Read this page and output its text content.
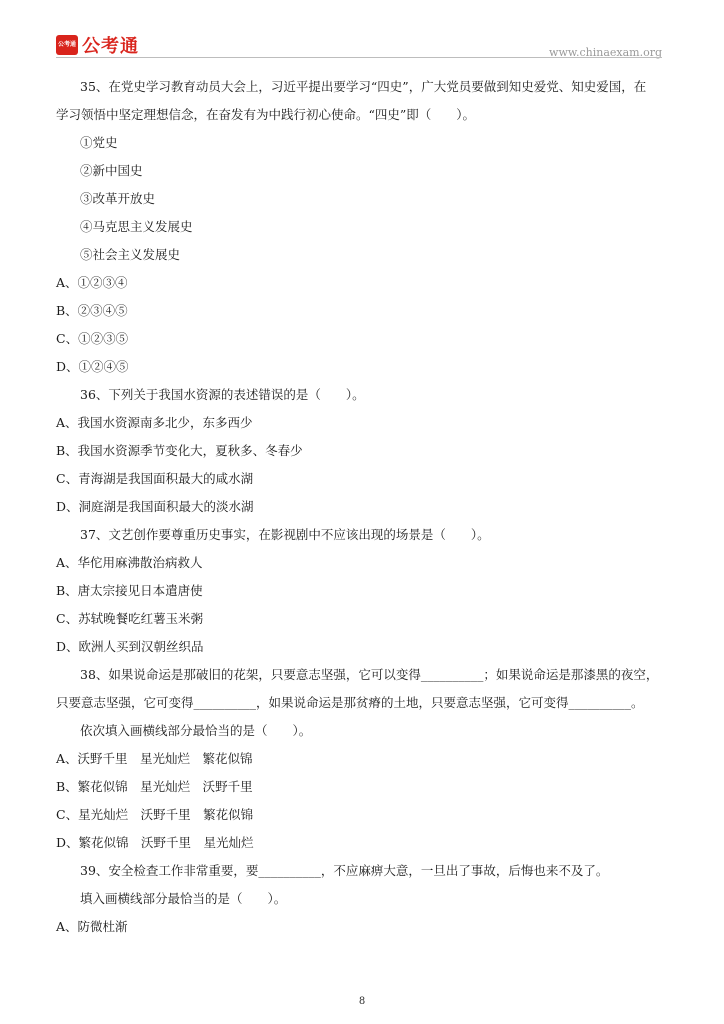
公考通 公考通	www.chinaexam.org

35、在党史学习教育动员大会上，习近平提出要学习“四史”，广大党员要做到知史爱党、知史爱国，在

学习领悟中坚定理想信念，在奋发有为中践行初心使命。“四史”即（　　）。

①党史

②新中国史

③改革开放史

④马克思主义发展史

⑤社会主义发展史

A、①②③④

B、②③④⑤

C、①②③⑤

D、①②④⑤

36、下列关于我国水资源的表述错误的是（　　）。

A、我国水资源南多北少，东多西少

B、我国水资源季节变化大，夏秋多、冬春少

C、青海湖是我国面积最大的咸水湖

D、洞庭湖是我国面积最大的淡水湖

37、文艺创作要尊重历史事实，在影视剧中不应该出现的场景是（　　）。

A、华佗用麻沸散治病救人

B、唐太宗接见日本遣唐使

C、苏轼晚餐吃红薯玉米粥

D、欧洲人买到汉朝丝织品

38、如果说命运是那破旧的花架，只要意志坚强，它可以变得__________；如果说命运是那漆黑的夜空，

只要意志坚强，它可变得__________，如果说命运是那贫瘠的土地，只要意志坚强，它可变得__________。

依次填入画横线部分最恰当的是（　　）。

A、沃野千里　星光灿烂　繁花似锦

B、繁花似锦　星光灿烂　沃野千里

C、星光灿烂　沃野千里　繁花似锦

D、繁花似锦　沃野千里　星光灿烂

39、安全检查工作非常重要，要__________，不应麻痹大意，一旦出了事故，后悔也来不及了。

填入画横线部分最恰当的是（　　）。

A、防微杜渐

8
